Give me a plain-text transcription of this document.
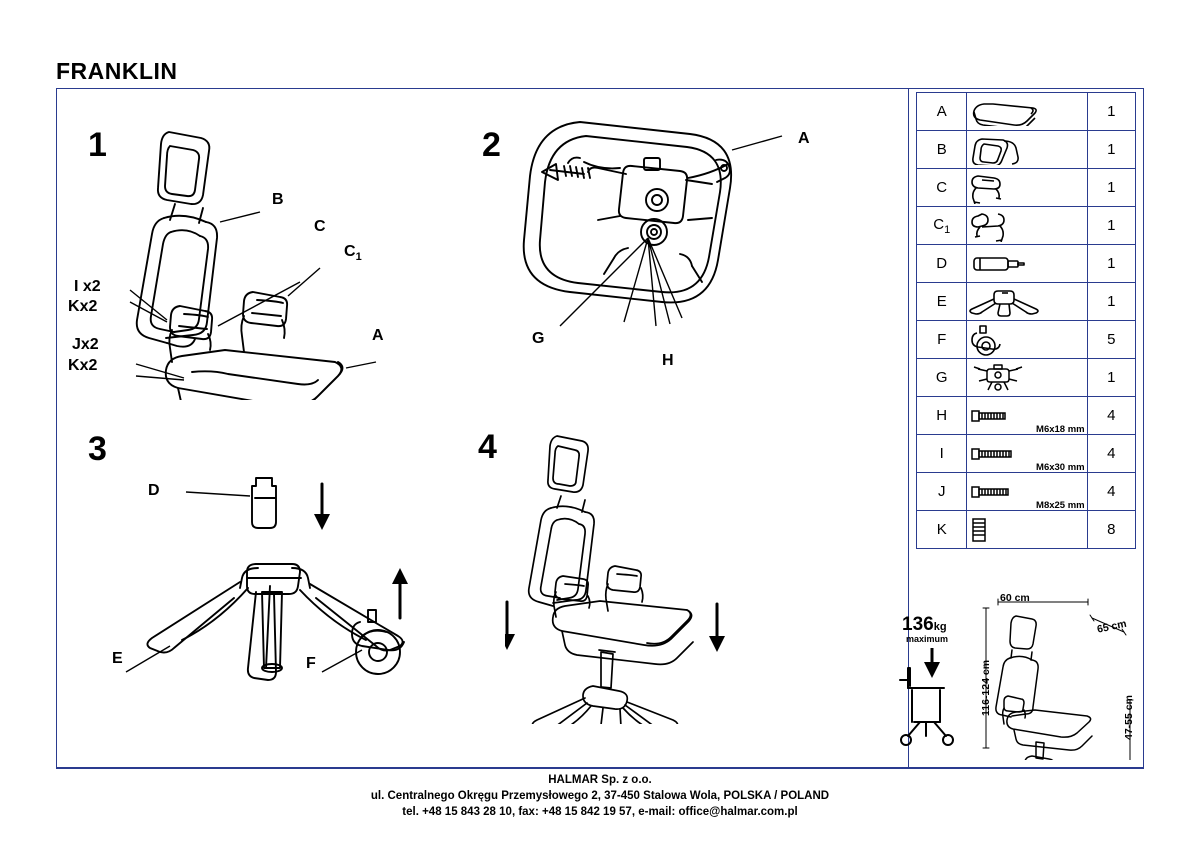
FRANKLIN
1
B
C
$C_1$
A
I x2
Kx2
Jx2
Kx2
2	A
G
H
3
D
E	F
4
A		1
B		1
C		1
$C_1$		1
D		1
E		1
F		5
G		1
H	M6x18 mm	4
I	M6x30 mm	4
J	M8x25 mm	4
K		8
136kg
maximum
60 cm
65 cm
116-124 cm
47-55 cm
HALMAR Sp. z o.o.
ul. Centralnego Okręgu Przemysłowego 2, 37-450 Stalowa Wola, POLSKA / POLAND
tel. +48 15 843 28 10, fax: +48 15 842 19 57, e-mail: office@halmar.com.pl
